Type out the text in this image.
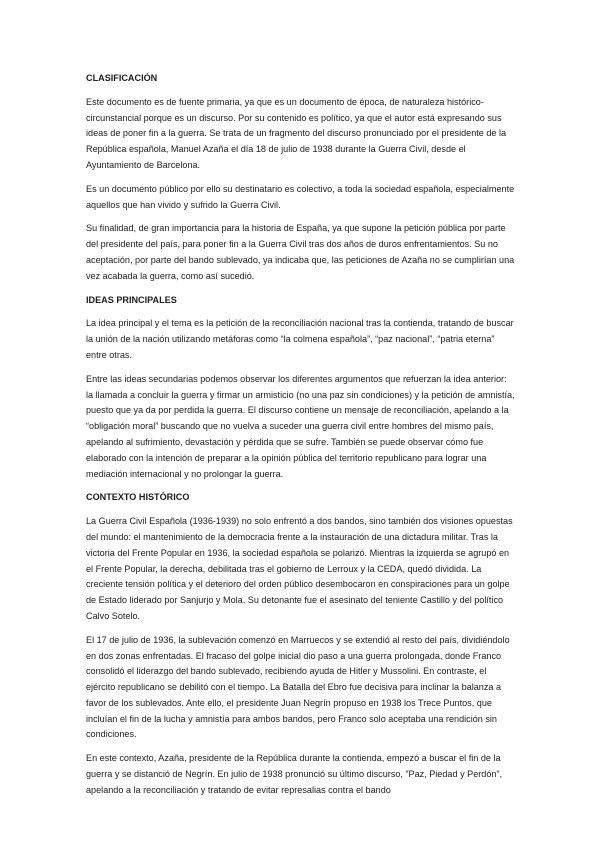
CLASIFICACIÓN

Este documento es de fuente primaria, ya que es un documento de época, de naturaleza histórico-circunstancial porque es un discurso. Por su contenido es político, ya que el autor está expresando sus ideas de poner fin a la guerra. Se trata de un fragmento del discurso pronunciado por el presidente de la República española, Manuel Azaña el día 18 de julio de 1938 durante la Guerra Civil, desde el Ayuntamiento de Barcelona.

Es un documento público por ello su destinatario es colectivo, a toda la sociedad española, especialmente aquellos que han vivido y sufrido la Guerra Civil.

Su finalidad, de gran importancia para la historia de España, ya que supone la petición pública por parte del presidente del país, para poner fin a la Guerra Civil tras dos años de duros enfrentamientos. Su no aceptación, por parte del bando sublevado, ya indicaba que, las peticiones de Azaña no se cumplirían una vez acabada la guerra, como así sucedió.

IDEAS PRINCIPALES

La idea principal y el tema es la petición de la reconciliación nacional tras la contienda, tratando de buscar la unión de la nación utilizando metáforas como “la colmena española”, “paz nacional”, “patria eterna” entre otras.

Entre las ideas secundarias podemos observar los diferentes argumentos que refuerzan la idea anterior: la llamada a concluir la guerra y firmar un armisticio (no una paz sin condiciones) y la petición de amnistía, puesto que ya da por perdida la guerra. El discurso contiene un mensaje de reconciliación, apelando a la “obligación moral” buscando que no vuelva a suceder una guerra civil entre hombres del mismo país, apelando al sufrimiento, devastación y pérdida que se sufre. También se puede observar cómo fue elaborado con la intención de preparar a la opinión pública del territorio republicano para lograr una mediación internacional y no prolongar la guerra.

CONTEXTO HISTÓRICO

La Guerra Civil Española (1936-1939) no solo enfrentó a dos bandos, sino también dos visiones opuestas del mundo: el mantenimiento de la democracia frente a la instauración de una dictadura militar. Tras la victoria del Frente Popular en 1936, la sociedad española se polarizó. Mientras la izquierda se agrupó en el Frente Popular, la derecha, debilitada tras el gobierno de Lerroux y la CEDA, quedó dividida. La creciente tensión política y el deterioro del orden público desembocaron en conspiraciones para un golpe de Estado liderado por Sanjurjo y Mola. Su detonante fue el asesinato del teniente Castillo y del político Calvo Sotelo.

El 17 de julio de 1936, la sublevación comenzó en Marruecos y se extendió al resto del país, dividiéndolo en dos zonas enfrentadas. El fracaso del golpe inicial dio paso a una guerra prolongada, donde Franco consolidó el liderazgo del bando sublevado, recibiendo ayuda de Hitler y Mussolini. En contraste, el ejército republicano se debilitó con el tiempo. La Batalla del Ebro fue decisiva para inclinar la balanza a favor de los sublevados. Ante ello, el presidente Juan Negrín propuso en 1938 los Trece Puntos, que incluían el fin de la lucha y amnistía para ambos bandos, pero Franco solo aceptaba una rendición sin condiciones.

En este contexto, Azaña, presidente de la República durante la contienda, empezó a buscar el fin de la guerra y se distanció de Negrín. En julio de 1938 pronunció su último discurso, “Paz, Piedad y Perdón”, apelando a la reconciliación y tratando de evitar represalias contra el bando
